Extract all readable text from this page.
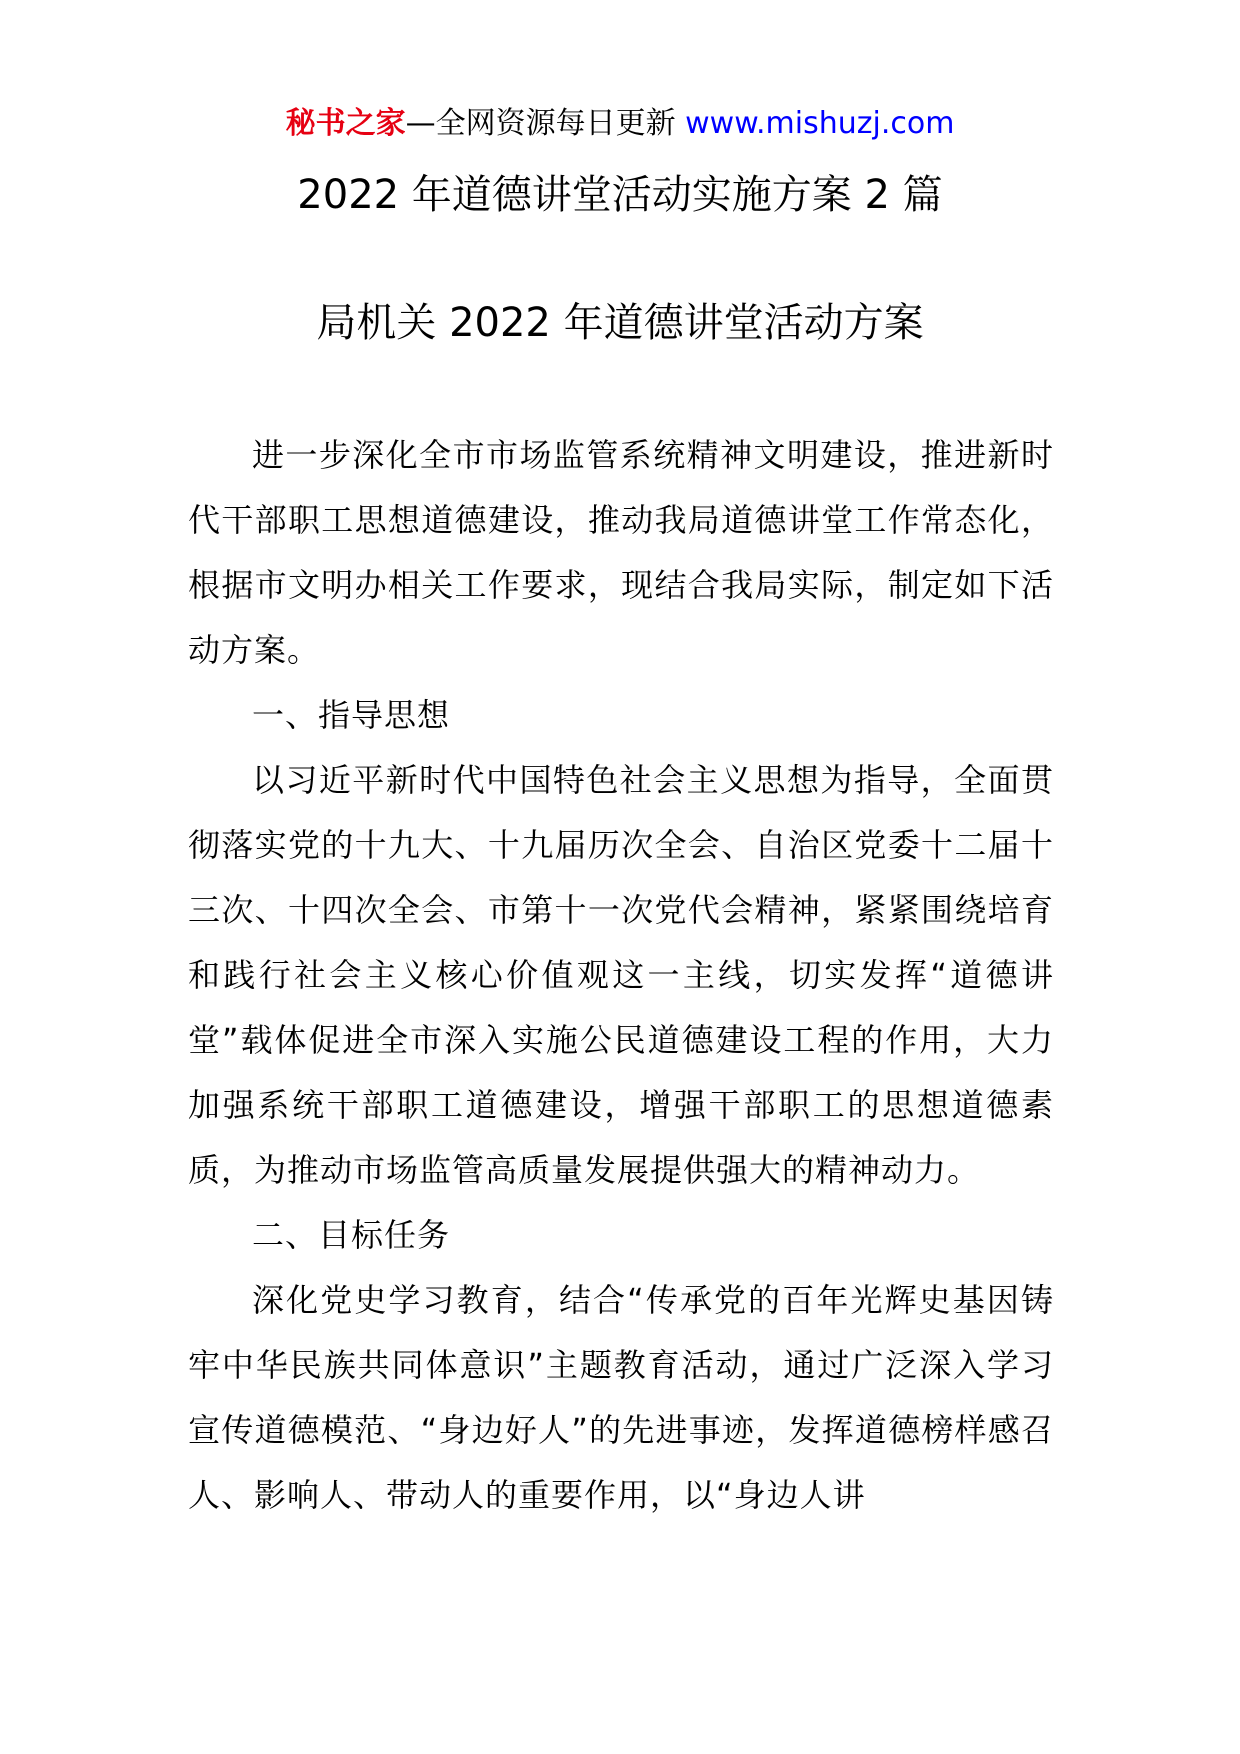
秘书之家—全网资源每日更新 www.mishuzj.com
2022 年道德讲堂活动实施方案 2 篇
局机关 2022 年道德讲堂活动方案

进一步深化全市市场监管系统精神文明建设，推进新时代干部职工思想道德建设，推动我局道德讲堂工作常态化，根据市文明办相关工作要求，现结合我局实际，制定如下活动方案。

一、指导思想

以习近平新时代中国特色社会主义思想为指导，全面贯彻落实党的十九大、十九届历次全会、自治区党委十二届十三次、十四次全会、市第十一次党代会精神，紧紧围绕培育和践行社会主义核心价值观这一主线，切实发挥“道德讲堂”载体促进全市深入实施公民道德建设工程的作用，大力加强系统干部职工道德建设，增强干部职工的思想道德素质，为推动市场监管高质量发展提供强大的精神动力。

二、目标任务

深化党史学习教育，结合“传承党的百年光辉史基因铸牢中华民族共同体意识”主题教育活动，通过广泛深入学习宣传道德模范、“身边好人”的先进事迹，发挥道德榜样感召人、影响人、带动人的重要作用，以“身边人讲
